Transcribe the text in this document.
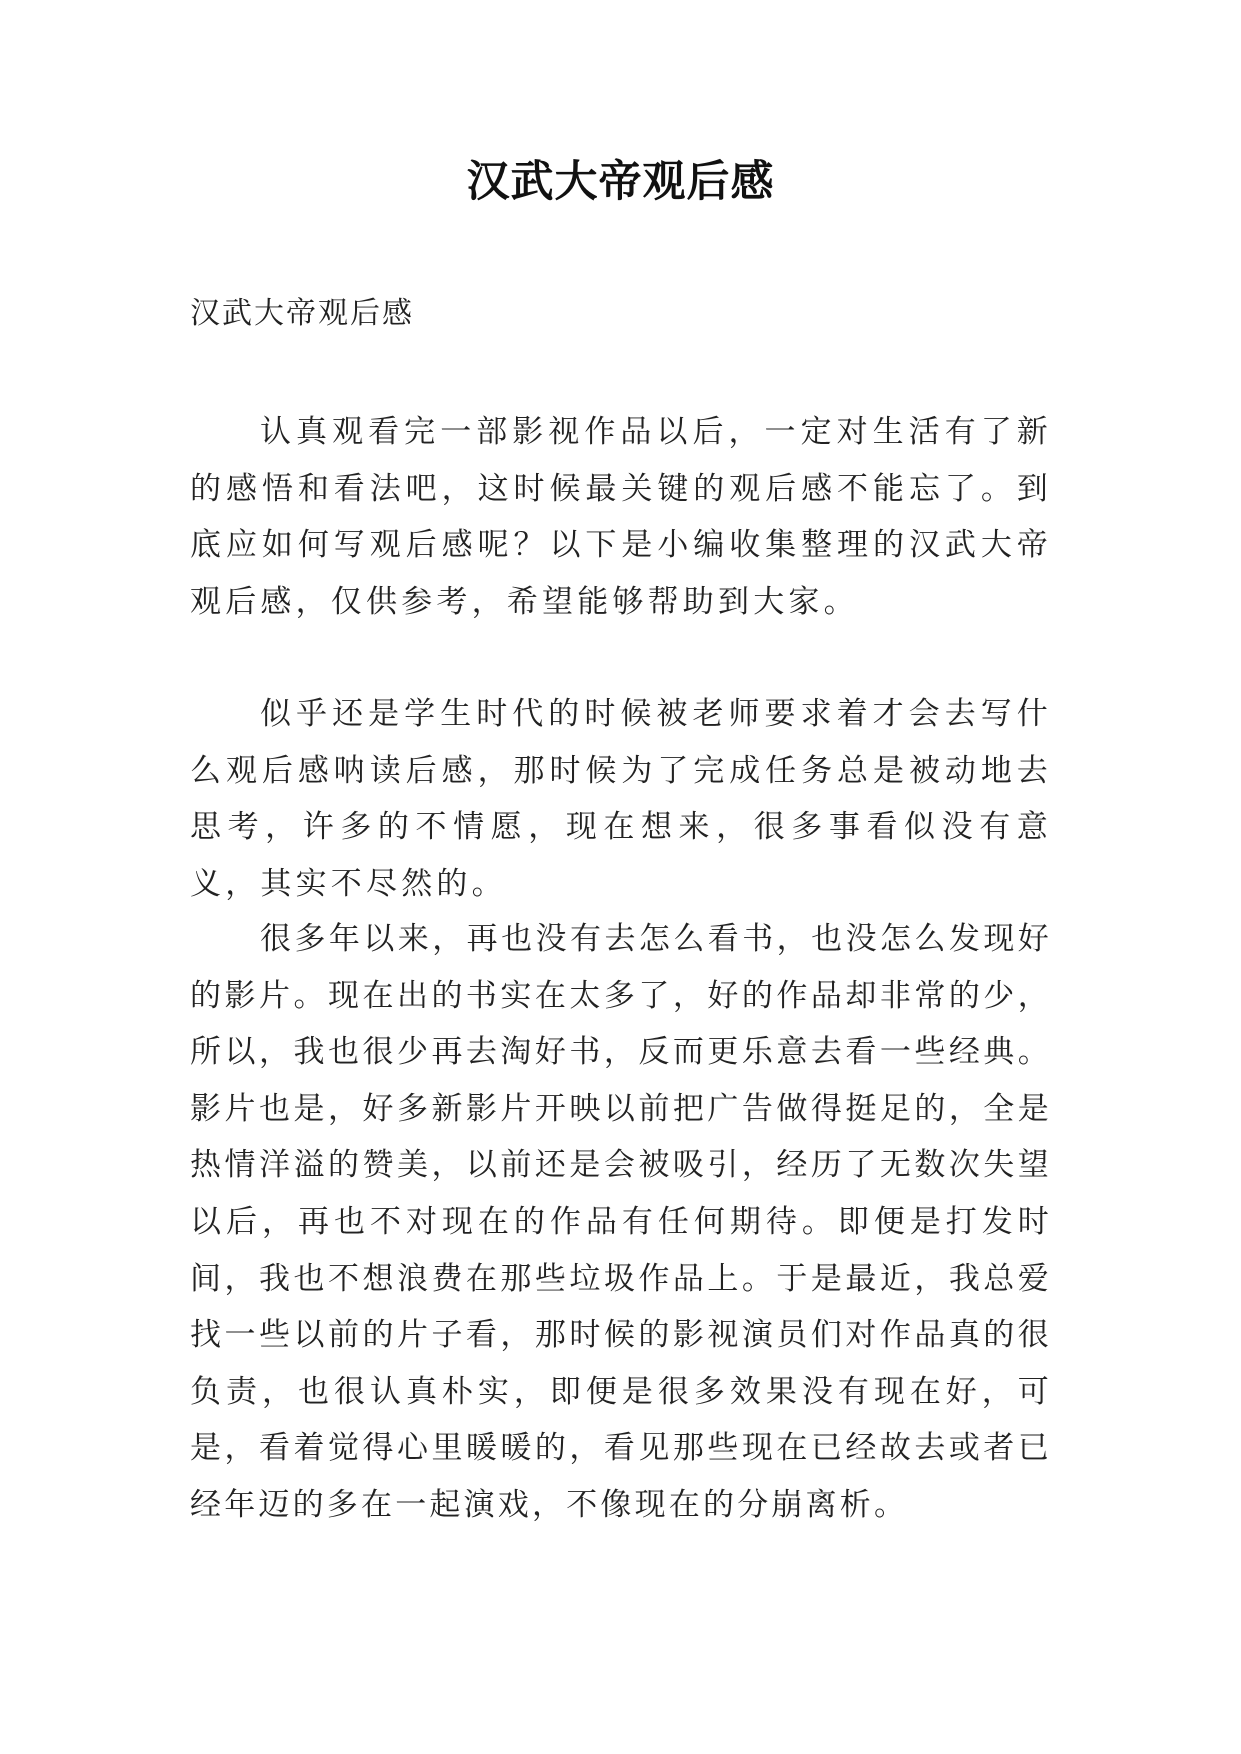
汉武大帝观后感

汉武大帝观后感

认真观看完一部影视作品以后，一定对生活有了新的感悟和看法吧，这时候最关键的观后感不能忘了。到底应如何写观后感呢？以下是小编收集整理的汉武大帝观后感，仅供参考，希望能够帮助到大家。

似乎还是学生时代的时候被老师要求着才会去写什么观后感呐读后感，那时候为了完成任务总是被动地去思考，许多的不情愿，现在想来，很多事看似没有意义，其实不尽然的。

很多年以来，再也没有去怎么看书，也没怎么发现好的影片。现在出的书实在太多了，好的作品却非常的少，所以，我也很少再去淘好书，反而更乐意去看一些经典。影片也是，好多新影片开映以前把广告做得挺足的，全是热情洋溢的赞美，以前还是会被吸引，经历了无数次失望以后，再也不对现在的作品有任何期待。即便是打发时间，我也不想浪费在那些垃圾作品上。于是最近，我总爱找一些以前的片子看，那时候的影视演员们对作品真的很负责，也很认真朴实，即便是很多效果没有现在好，可是，看着觉得心里暖暖的，看见那些现在已经故去或者已经年迈的多在一起演戏，不像现在的分崩离析。
